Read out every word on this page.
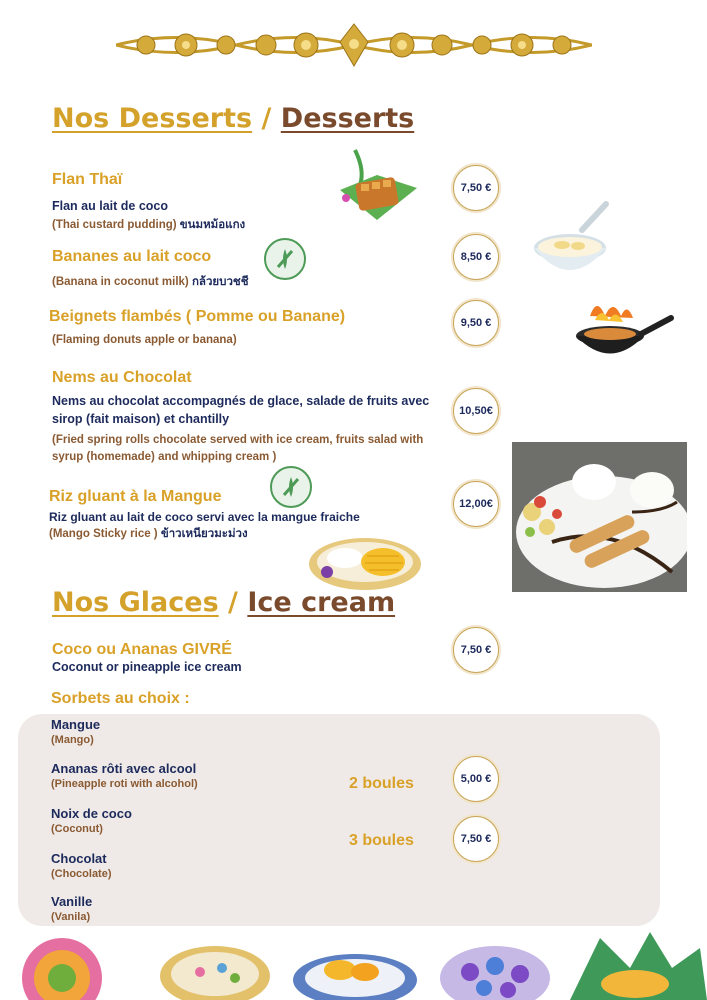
Nos Desserts / Desserts
Flan Thaï
Flan au lait de coco
(Thai custard pudding) ขนมหม้อแกง
7,50 €
Bananes au lait coco
(Banana in coconut milk) กล้วยบวชชี
8,50 €
Beignets flambés ( Pomme ou Banane)
(Flaming donuts apple or banana)
9,50 €
Nems au Chocolat
Nems au chocolat accompagnés de glace, salade de fruits avec sirop (fait maison) et chantilly
(Fried spring rolls chocolate served with ice cream, fruits salad with syrup (homemade) and whipping cream )
10,50€
Riz gluant à la Mangue
Riz gluant au lait de coco servi avec la mangue fraiche
(Mango Sticky rice ) ข้าวเหนียวมะม่วง
12,00€
Nos Glaces / Ice cream
Coco ou Ananas GIVRÉ
Coconut or pineapple ice cream
7,50 €
Sorbets au choix :
Mangue
(Mango)
Ananas rôti avec alcool
(Pineapple roti with alcohol)
Noix de coco
(Coconut)
Chocolat
(Chocolate)
Vanille
(Vanila)
2 boules	5,00 €
3 boules	7,50 €
